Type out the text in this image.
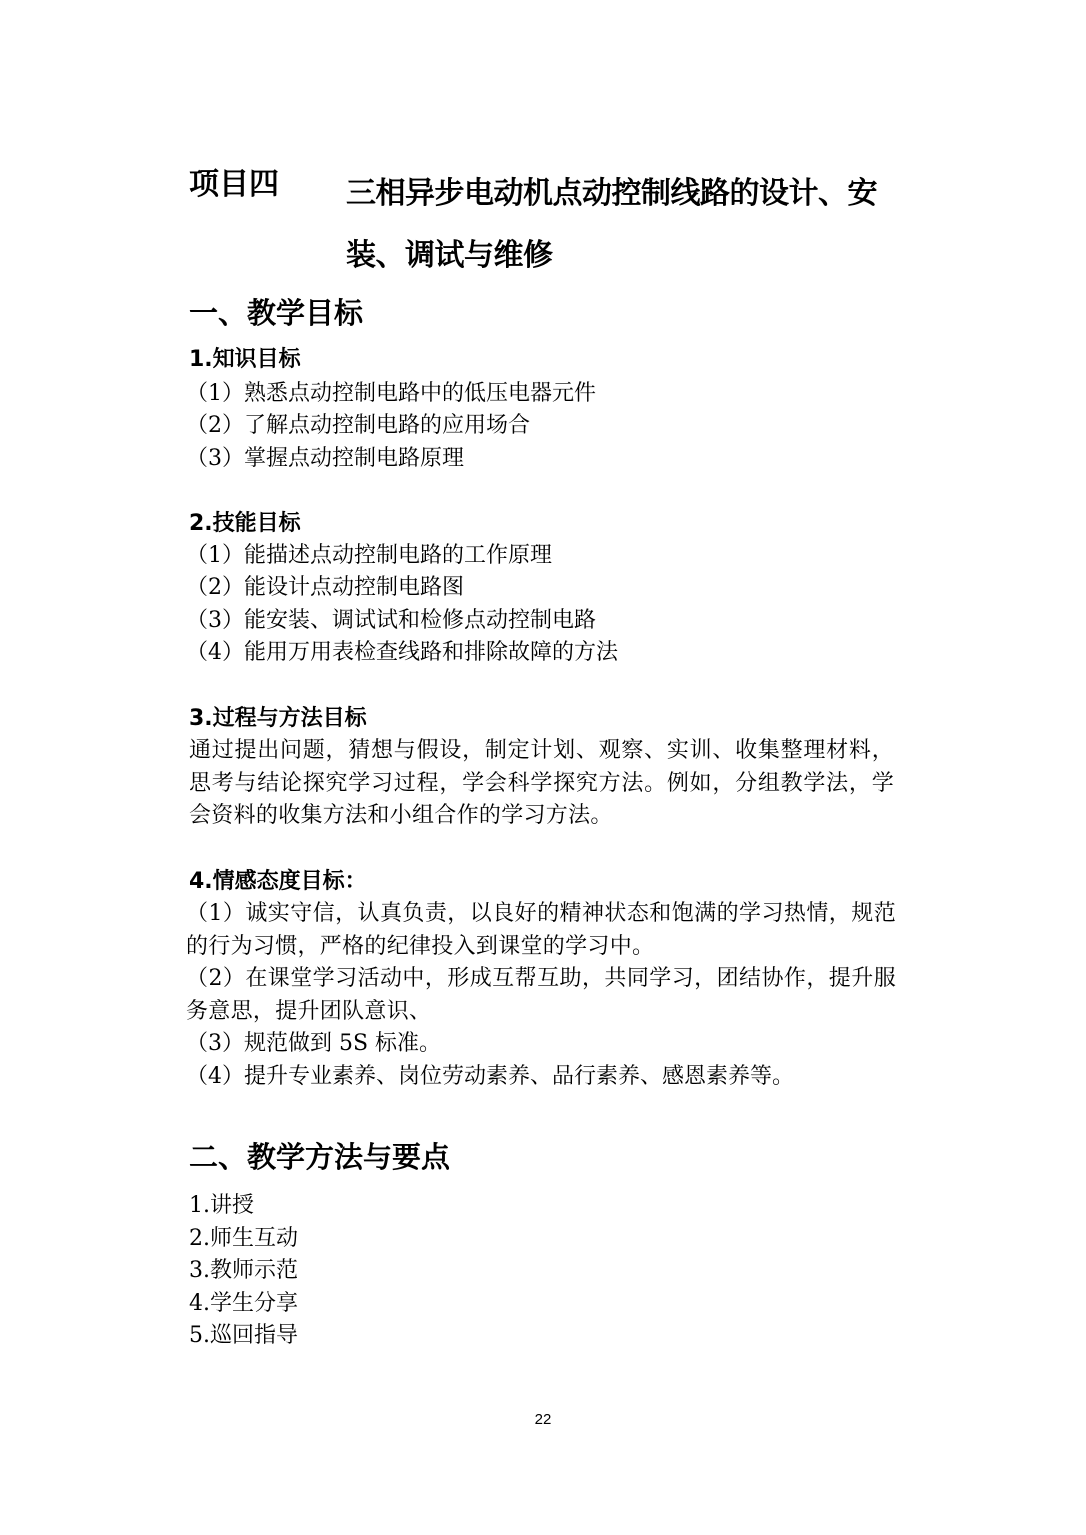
项目四 三相异步电动机点动控制线路的设计、安装、调试与维修
一、教学目标
1.知识目标
（1）熟悉点动控制电路中的低压电器元件
（2）了解点动控制电路的应用场合
（3）掌握点动控制电路原理
2.技能目标
（1）能描述点动控制电路的工作原理
（2）能设计点动控制电路图
（3）能安装、调试试和检修点动控制电路
（4）能用万用表检查线路和排除故障的方法
3.过程与方法目标
通过提出问题，猜想与假设，制定计划、观察、实训、收集整理材料，思考与结论探究学习过程，学会科学探究方法。例如，分组教学法，学会资料的收集方法和小组合作的学习方法。
4.情感态度目标：
（1）诚实守信，认真负责，以良好的精神状态和饱满的学习热情，规范的行为习惯，严格的纪律投入到课堂的学习中。
（2）在课堂学习活动中，形成互帮互助，共同学习，团结协作，提升服务意思，提升团队意识、
（3）规范做到 5S 标准。
（4）提升专业素养、岗位劳动素养、品行素养、感恩素养等。
二、教学方法与要点
1.讲授
2.师生互动
3.教师示范
4.学生分享
5.巡回指导
22
